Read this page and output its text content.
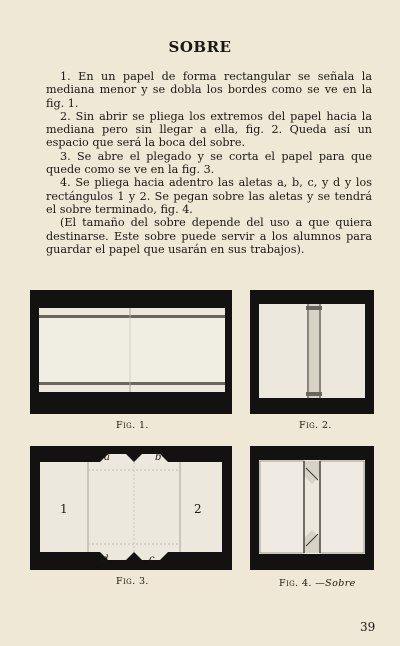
SOBRE

1. En un papel de forma rectangular se señala la mediana menor y se dobla los bordes como se ve en la fig. 1.

2. Sin abrir se pliega los extremos del papel hacia la mediana pero sin llegar a ella, fig. 2. Queda así un espacio que será la boca del sobre.

3. Se abre el plegado y se corta el papel para que quede como se ve en la fig. 3.

4. Se pliega hacia adentro las aletas a, b, c, y d y los rectángulos 1 y 2. Se pegan sobre las aletas y se tendrá el sobre terminado, fig. 4.

(El tamaño del sobre depende del uso a que quiera destinarse. Este sobre puede servir a los alumnos para guardar el papel que usarán en sus trabajos).

Fig. 1.	Fig. 2.
a	b
d	c
1	2
Fig. 3.	Fig. 4. —Sobre
39
